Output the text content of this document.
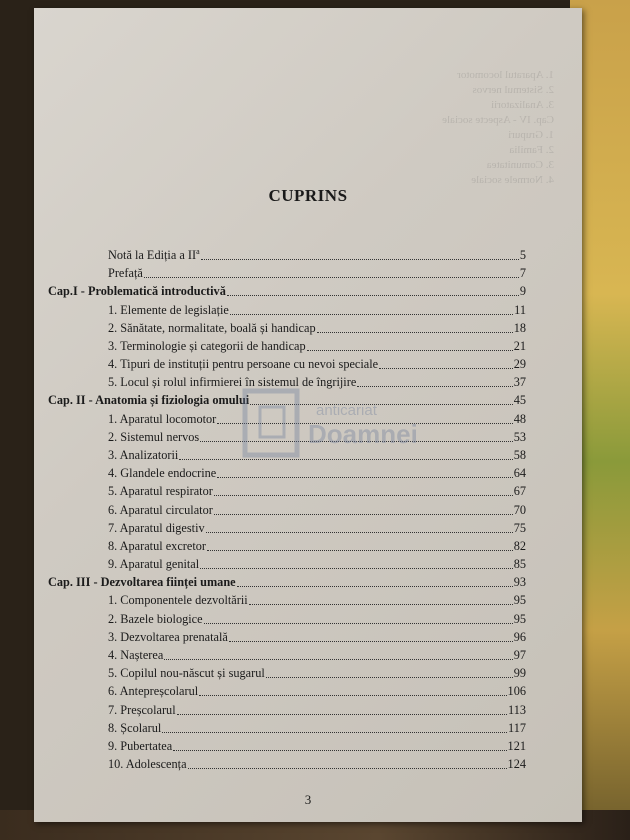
1. Aparatul locomotor
2. Sistemul nervos
3. Analizatorii
Cap. IV - Aspecte sociale
1. Grupuri
2. Familia
3. Comunitatea
4. Normele sociale
CUPRINS
Notă la Ediția a $II^a$	5
Prefață	7
Cap.I - Problematică introductivă	9
1. Elemente de legislație	11
2. Sănătate, normalitate, boală și handicap	18
3. Terminologie și categorii de handicap	21
4. Tipuri de instituții pentru persoane cu nevoi speciale	29
5. Locul și rolul infirmierei în sistemul de îngrijire	37
Cap. II - Anatomia și fiziologia omului	45
1. Aparatul locomotor	48
2. Sistemul nervos	53
3. Analizatorii	58
4. Glandele endocrine	64
5. Aparatul respirator	67
6. Aparatul circulator	70
7. Aparatul digestiv	75
8. Aparatul excretor	82
9. Aparatul genital	85
Cap. III - Dezvoltarea ființei umane	93
1. Componentele dezvoltării	95
2. Bazele biologice	95
3. Dezvoltarea prenatală	96
4. Nașterea	97
5. Copilul nou-născut și sugarul	99
6. Antepreșcolarul	106
7. Preșcolarul	113
8. Școlarul	117
9. Pubertatea	121
10. Adolescența	124
anticariat
Doamnei
3
